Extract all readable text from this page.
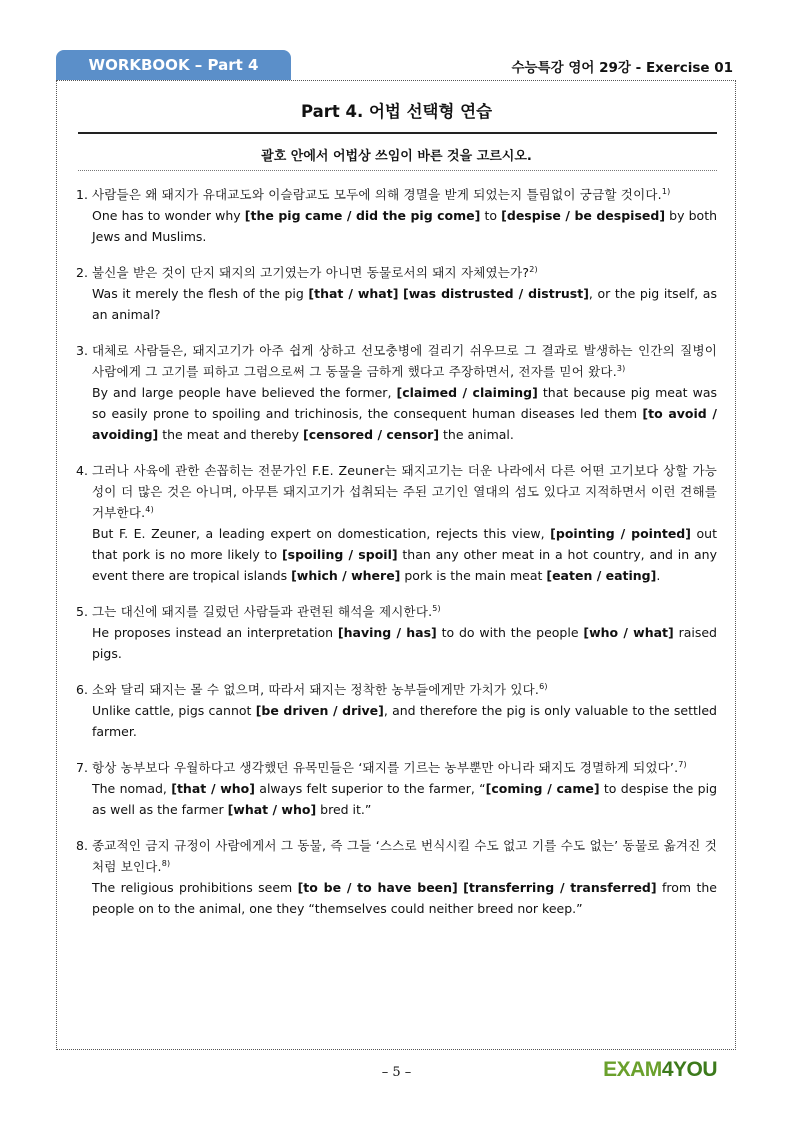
WORKBOOK – Part 4	수능특강 영어 29강 - Exercise 01
Part 4. 어법 선택형 연습
괄호 안에서 어법상 쓰임이 바른 것을 고르시오.
1. 사람들은 왜 돼지가 유대교도와 이슬람교도 모두에 의해 경멸을 받게 되었는지 틀림없이 궁금할 것이다.$^{1)}$
One has to wonder why [the pig came / did the pig come] to [despise / be despised] by both Jews and Muslims.
2. 불신을 받은 것이 단지 돼지의 고기였는가 아니면 동물로서의 돼지 자체였는가?$^{2)}$
Was it merely the flesh of the pig [that / what] [was distrusted / distrust], or the pig itself, as an animal?
3. 대체로 사람들은, 돼지고기가 아주 쉽게 상하고 선모충병에 걸리기 쉬우므로 그 결과로 발생하는 인간의 질병이 사람에게 그 고기를 피하고 그럼으로써 그 동물을 금하게 했다고 주장하면서, 전자를 믿어 왔다.$^{3)}$
By and large people have believed the former, [claimed / claiming] that because pig meat was so easily prone to spoiling and trichinosis, the consequent human diseases led them [to avoid / avoiding] the meat and thereby [censored / censor] the animal.
4. 그러나 사육에 관한 손꼽히는 전문가인 F.E. Zeuner는 돼지고기는 더운 나라에서 다른 어떤 고기보다 상할 가능성이 더 많은 것은 아니며, 아무튼 돼지고기가 섭취되는 주된 고기인 열대의 섬도 있다고 지적하면서 이런 견해를 거부한다.$^{4)}$
But F. E. Zeuner, a leading expert on domestication, rejects this view, [pointing / pointed] out that pork is no more likely to [spoiling / spoil] than any other meat in a hot country, and in any event there are tropical islands [which / where] pork is the main meat [eaten / eating].
5. 그는 대신에 돼지를 길렀던 사람들과 관련된 해석을 제시한다.$^{5)}$
He proposes instead an interpretation [having / has] to do with the people [who / what] raised pigs.
6. 소와 달리 돼지는 몰 수 없으며, 따라서 돼지는 정착한 농부들에게만 가치가 있다.$^{6)}$
Unlike cattle, pigs cannot [be driven / drive], and therefore the pig is only valuable to the settled farmer.
7. 항상 농부보다 우월하다고 생각했던 유목민들은 ‘돼지를 기르는 농부뿐만 아니라 돼지도 경멸하게 되었다’.$^{7)}$
The nomad, [that / who] always felt superior to the farmer, “[coming / came] to despise the pig as well as the farmer [what / who] bred it.”
8. 종교적인 금지 규정이 사람에게서 그 동물, 즉 그들 ‘스스로 번식시킬 수도 없고 기를 수도 없는’ 동물로 옮겨진 것처럼 보인다.$^{8)}$
The religious prohibitions seem [to be / to have been] [transferring / transferred] from the people on to the animal, one they “themselves could neither breed nor keep.”
– 5 –	EXAM4YOU
